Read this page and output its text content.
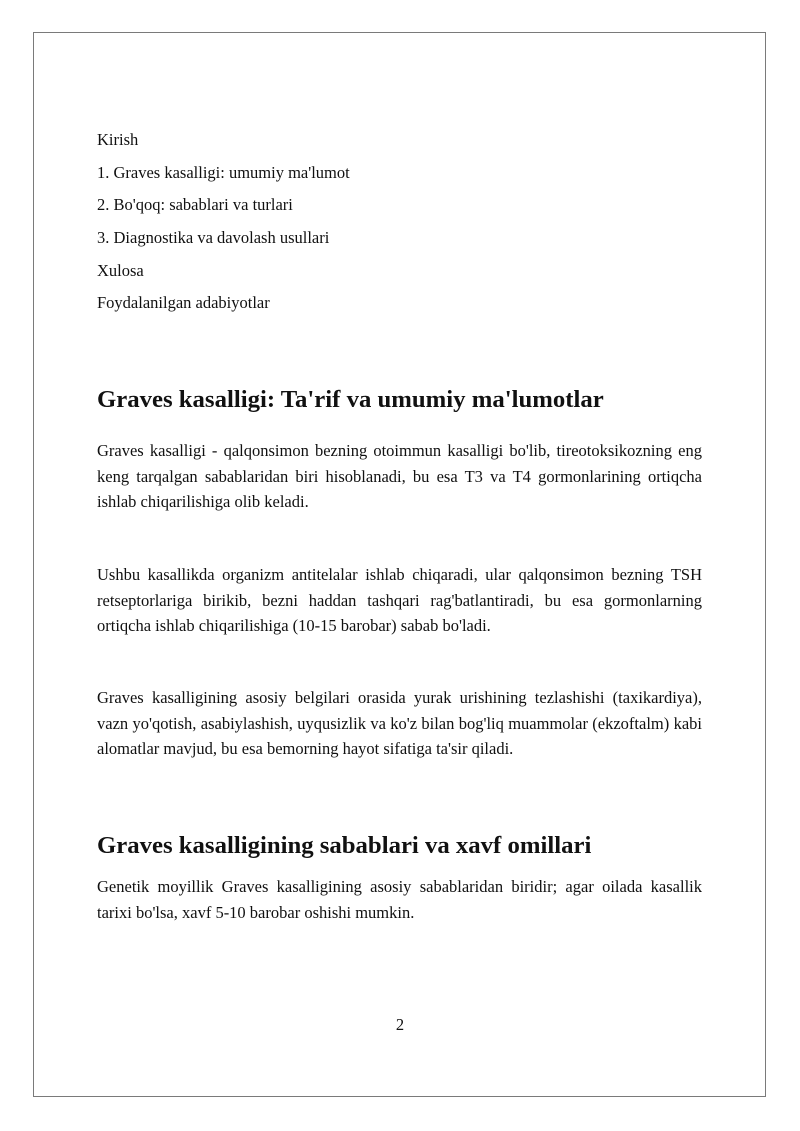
Kirish
1. Graves kasalligi: umumiy ma'lumot
2. Bo'qoq: sabablari va turlari
3. Diagnostika va davolash usullari
Xulosa
Foydalanilgan adabiyotlar
Graves kasalligi: Ta'rif va umumiy ma'lumotlar

Graves kasalligi - qalqonsimon bezning otoimmun kasalligi bo'lib, tireotoksikozning eng keng tarqalgan sabablaridan biri hisoblanadi, bu esa T3 va T4 gormonlarining ortiqcha ishlab chiqarilishiga olib keladi.

Ushbu kasallikda organizm antitelalar ishlab chiqaradi, ular qalqonsimon bezning TSH retseptorlariga birikib, bezni haddan tashqari rag'batlantiradi, bu esa gormonlarning ortiqcha ishlab chiqarilishiga (10-15 barobar) sabab bo'ladi.

Graves kasalligining asosiy belgilari orasida yurak urishining tezlashishi (taxikardiya), vazn yo'qotish, asabiylashish, uyqusizlik va ko'z bilan bog'liq muammolar (ekzoftalm) kabi alomatlar mavjud, bu esa bemorning hayot sifatiga ta'sir qiladi.

Graves kasalligining sabablari va xavf omillari

Genetik moyillik Graves kasalligining asosiy sabablaridan biridir; agar oilada kasallik tarixi bo'lsa, xavf 5-10 barobar oshishi mumkin.

2
